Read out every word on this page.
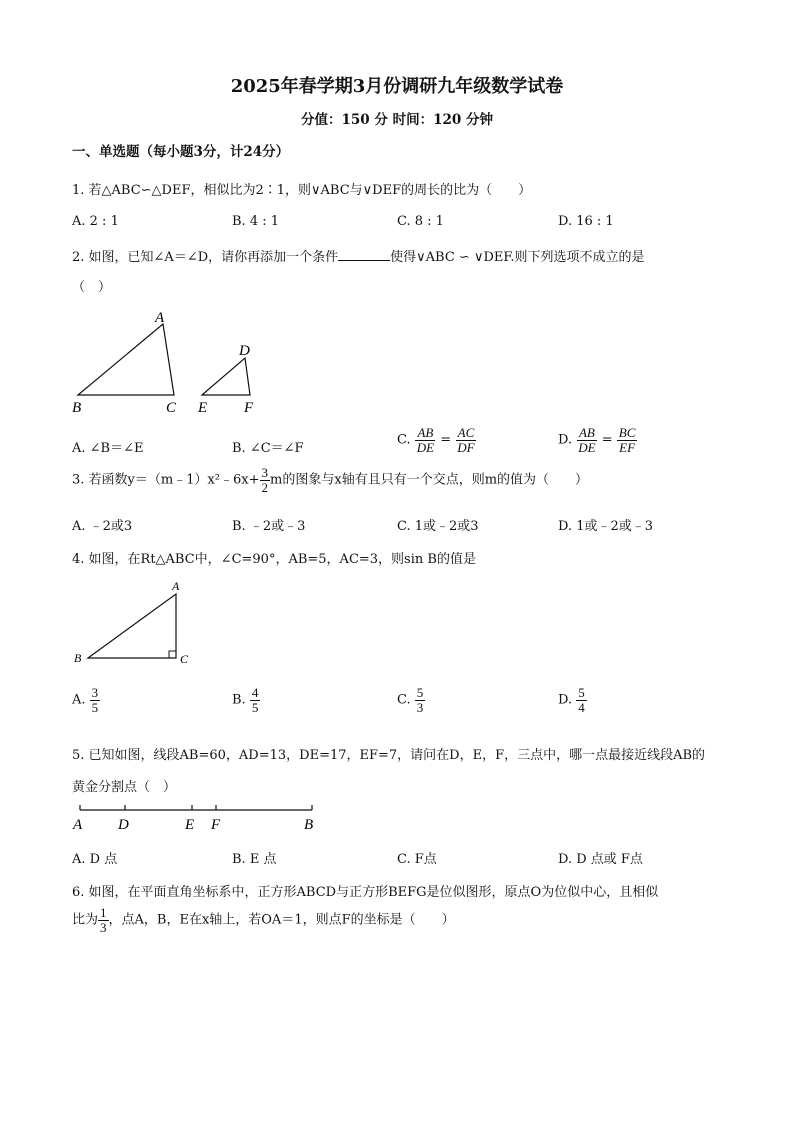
2025年春学期3月份调研九年级数学试卷
分值：150 分 时间：120 分钟
一、单选题（每小题3分，计24分）
1. 若△ABC∽△DEF，相似比为2∶1，则∨ABC与∨DEF的周长的比为（　　）
A. 2 : 1	B. 4 : 1	C. 8 : 1	D. 16 : 1
2. 如图，已知∠A＝∠D，请你再添加一个条件	使得∨ABC ∽ ∨DEF.则下列选项不成立的是
（　）
A
B	C
D
E F
A. ∠B＝∠E	B. ∠C＝∠F
C. $\frac{AB}{DE} = \frac{AC}{DF}$	D. $\frac{AB}{DE} = \frac{BC}{EF}$
3. 若函数y＝（m﹣1）x²﹣6x+ $\frac{3}{2}$ m的图象与x轴有且只有一个交点，则m的值为（　　）
A. ﹣2或3	B. ﹣2或﹣3	C. 1或﹣2或3	D. 1或﹣2或﹣3
4. 如图，在Rt△ABC中，∠C=90°，AB=5，AC=3，则sin B的值是
A
B	C
A. $\frac{3}{5}$	B. $\frac{4}{5}$	C. $\frac{5}{3}$	D. $\frac{5}{4}$
5. 已知如图，线段AB=60，AD=13，DE=17，EF=7，请问在D，E，F，三点中，哪一点最接近线段AB的
黄金分割点（　）
A D	E F	B
A. D 点	B. E 点	C. F点	D. D 点或 F点
6. 如图，在平面直角坐标系中，正方形ABCD与正方形BEFG是位似图形，原点O为位似中心，且相似
比为 $\frac{1}{3}$ ，点A，B，E在x轴上，若OA＝1，则点F的坐标是（　　）
